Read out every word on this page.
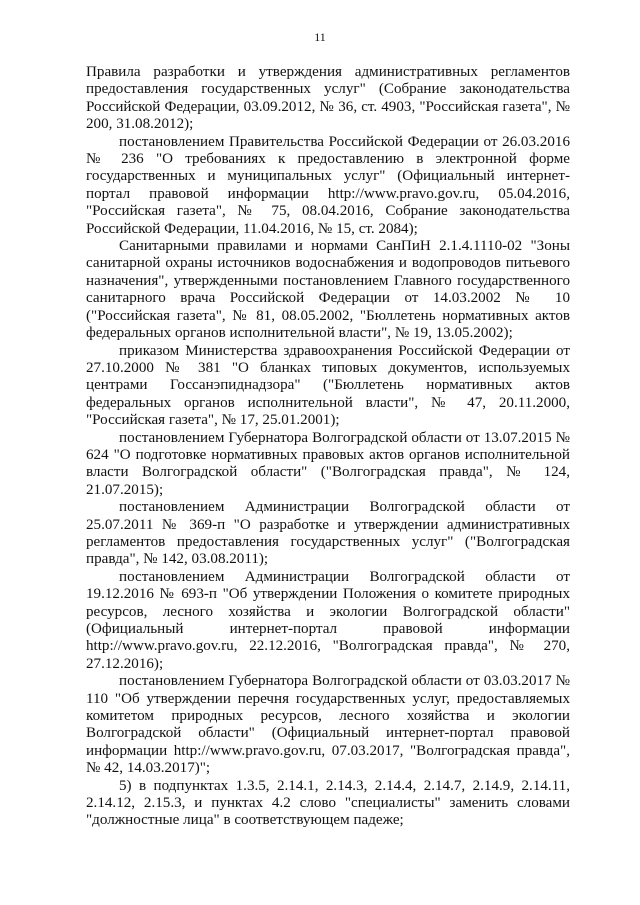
11

Правила разработки и утверждения административных регламентов предоставления государственных услуг" (Собрание законодательства Российской Федерации, 03.09.2012, № 36, ст. 4903, "Российская газета", № 200, 31.08.2012);

постановлением Правительства Российской Федерации от 26.03.2016 № 236 "О требованиях к предоставлению в электронной форме государственных и муниципальных услуг" (Официальный интернет-портал правовой информации http://www.pravo.gov.ru, 05.04.2016, "Российская газета", № 75, 08.04.2016, Собрание законодательства Российской Федерации, 11.04.2016, № 15, ст. 2084);

Санитарными правилами и нормами СанПиН 2.1.4.1110-02 "Зоны санитарной охраны источников водоснабжения и водопроводов питьевого назначения", утвержденными постановлением Главного государственного санитарного врача Российской Федерации от 14.03.2002 № 10 ("Российская газета", № 81, 08.05.2002, "Бюллетень нормативных актов федеральных органов исполнительной власти", № 19, 13.05.2002);

приказом Министерства здравоохранения Российской Федерации от 27.10.2000 № 381 "О бланках типовых документов, используемых центрами Госсанэпиднадзора" ("Бюллетень нормативных актов федеральных органов исполнительной власти", № 47, 20.11.2000, "Российская газета", № 17, 25.01.2001);

постановлением Губернатора Волгоградской области от 13.07.2015 № 624 "О подготовке нормативных правовых актов органов исполнительной власти Волгоградской области" ("Волгоградская правда", № 124, 21.07.2015);

постановлением Администрации Волгоградской области от 25.07.2011 № 369-п "О разработке и утверждении административных регламентов предоставления государственных услуг" ("Волгоградская правда", № 142, 03.08.2011);

постановлением Администрации Волгоградской области от 19.12.2016 № 693-п "Об утверждении Положения о комитете природных ресурсов, лесного хозяйства и экологии Волгоградской области" (Официальный интернет-портал правовой информации http://www.pravo.gov.ru, 22.12.2016, "Волгоградская правда", № 270, 27.12.2016);

постановлением Губернатора Волгоградской области от 03.03.2017 № 110 "Об утверждении перечня государственных услуг, предоставляемых комитетом природных ресурсов, лесного хозяйства и экологии Волгоградской области" (Официальный интернет-портал правовой информации http://www.pravo.gov.ru, 07.03.2017, "Волгоградская правда", № 42, 14.03.2017)";

5) в подпунктах 1.3.5, 2.14.1, 2.14.3, 2.14.4, 2.14.7, 2.14.9, 2.14.11, 2.14.12, 2.15.3, и пунктах 4.2 слово "специалисты" заменить словами "должностные лица" в соответствующем падеже;
